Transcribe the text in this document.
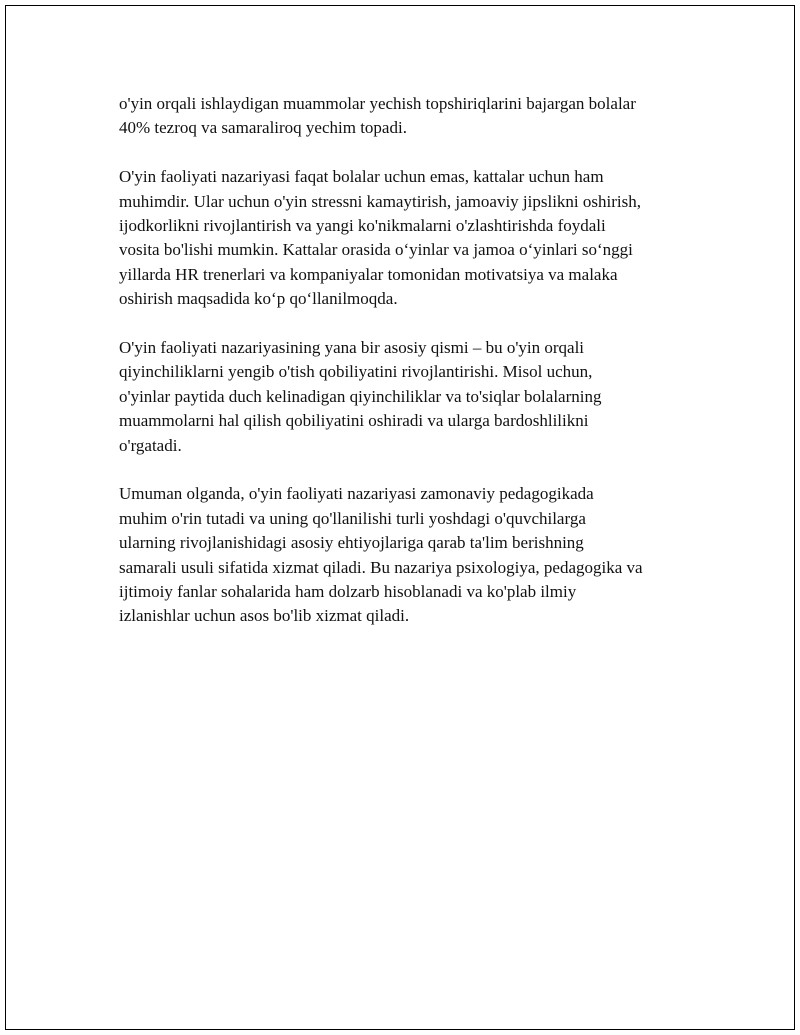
o'yin orqali ishlaydigan muammolar yechish topshiriqlarini bajargan bolalar
40% tezroq va samaraliroq yechim topadi.

O'yin faoliyati nazariyasi faqat bolalar uchun emas, kattalar uchun ham
muhimdir. Ular uchun o'yin stressni kamaytirish, jamoaviy jipslikni oshirish,
ijodkorlikni rivojlantirish va yangi ko'nikmalarni o'zlashtirishda foydali
vosita bo'lishi mumkin. Kattalar orasida o‘yinlar va jamoa o‘yinlari so‘nggi
yillarda HR trenerlari va kompaniyalar tomonidan motivatsiya va malaka
oshirish maqsadida ko‘p qo‘llanilmoqda.

O'yin faoliyati nazariyasining yana bir asosiy qismi – bu o'yin orqali
qiyinchiliklarni yengib o'tish qobiliyatini rivojlantirishi. Misol uchun,
o'yinlar paytida duch kelinadigan qiyinchiliklar va to'siqlar bolalarning
muammolarni hal qilish qobiliyatini oshiradi va ularga bardoshlilikni
o'rgatadi.

Umuman olganda, o'yin faoliyati nazariyasi zamonaviy pedagogikada
muhim o'rin tutadi va uning qo'llanilishi turli yoshdagi o'quvchilarga
ularning rivojlanishidagi asosiy ehtiyojlariga qarab ta'lim berishning
samarali usuli sifatida xizmat qiladi. Bu nazariya psixologiya, pedagogika va
ijtimoiy fanlar sohalarida ham dolzarb hisoblanadi va ko'plab ilmiy
izlanishlar uchun asos bo'lib xizmat qiladi.
